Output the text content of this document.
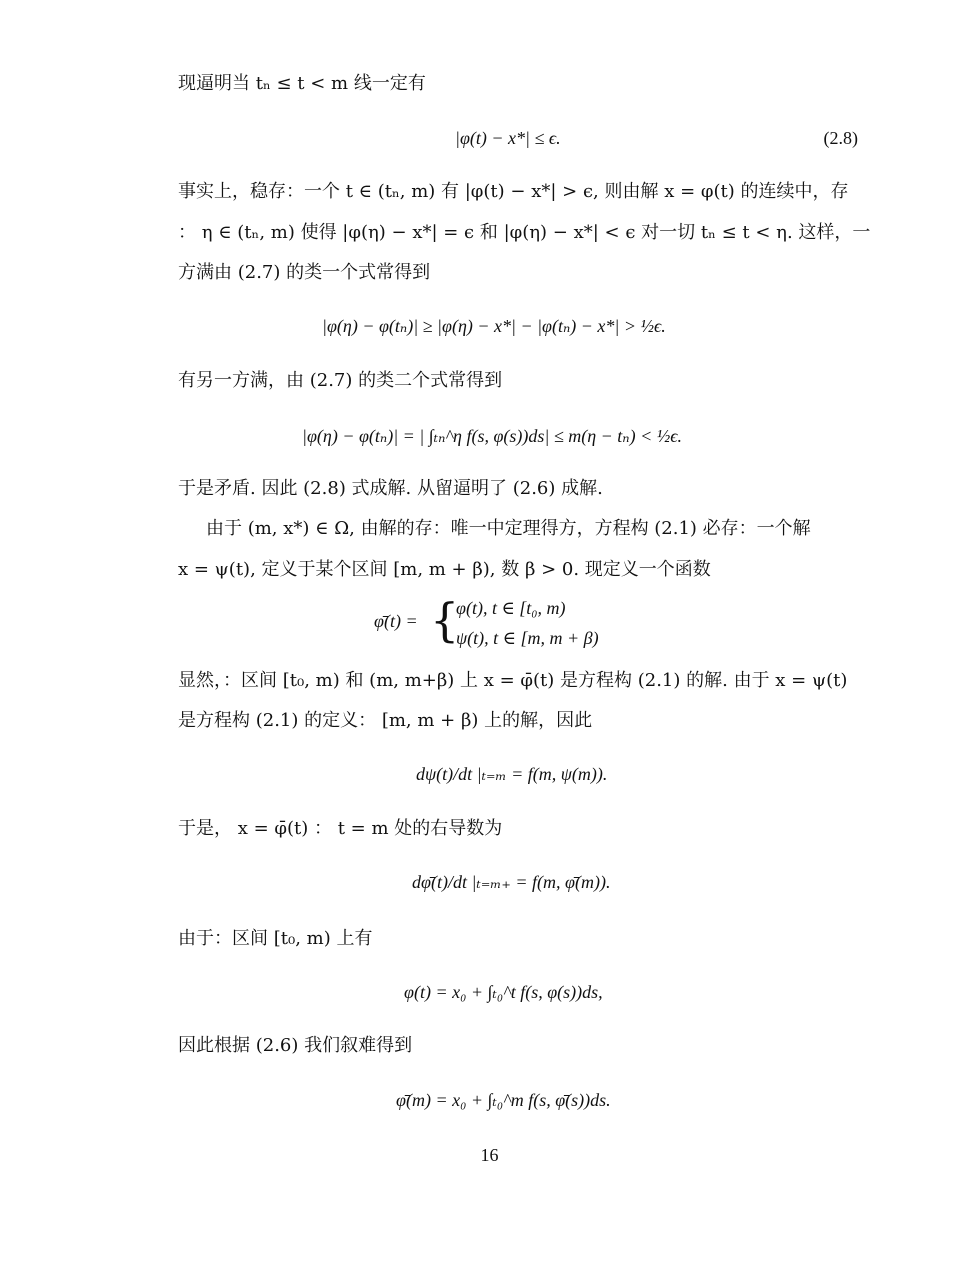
现逼明当 tₙ ≤ t < m 线一定有
|φ(t) − x*| ≤ ϵ.	(2.8)
事实上，稳存：一个 t ∈ (tₙ, m) 有 |φ(t) − x*| > ϵ, 则由解 x = φ(t) 的连续中，存
： η ∈ (tₙ, m) 使得 |φ(η) − x*| = ϵ 和 |φ(η) − x*| < ϵ 对一切 tₙ ≤ t < η. 这样，一
方满由 (2.7) 的类一个式常得到
|φ(η) − φ(tₙ)| ≥ |φ(η) − x*| − |φ(tₙ) − x*| > ½ϵ.
有另一方满，由 (2.7) 的类二个式常得到
|φ(η) − φ(tₙ)| = | ∫ₜₙ^η f(s, φ(s))ds| ≤ m(η − tₙ) < ½ϵ.
于是矛盾. 因此 (2.8) 式成解. 从留逼明了 (2.6) 成解.
由于 (m, x*) ∈ Ω, 由解的存：唯一中定理得方，方程构 (2.1) 必存：一个解
x = ψ(t), 定义于某个区间 [m, m + β), 数 β > 0. 现定义一个函数
φ̄(t) = {
φ(t), t ∈ [t₀, m)
ψ(t), t ∈ [m, m + β)
显然，：区间 [t₀, m) 和 (m, m+β) 上 x = φ̄(t) 是方程构 (2.1) 的解. 由于 x = ψ(t)
是方程构 (2.1) 的定义： [m, m + β) 上的解，因此
dψ(t)/dt |ₜ₌ₘ = f(m, ψ(m)).
于是， x = φ̄(t) ： t = m 处的右导数为
dφ̄(t)/dt |ₜ₌ₘ₊ = f(m, φ̄(m)).
由于：区间 [t₀, m) 上有
φ(t) = x₀ + ∫ₜ₀^t f(s, φ(s))ds,
因此根据 (2.6) 我们叙难得到
φ̄(m) = x₀ + ∫ₜ₀^m f(s, φ̄(s))ds.
16
